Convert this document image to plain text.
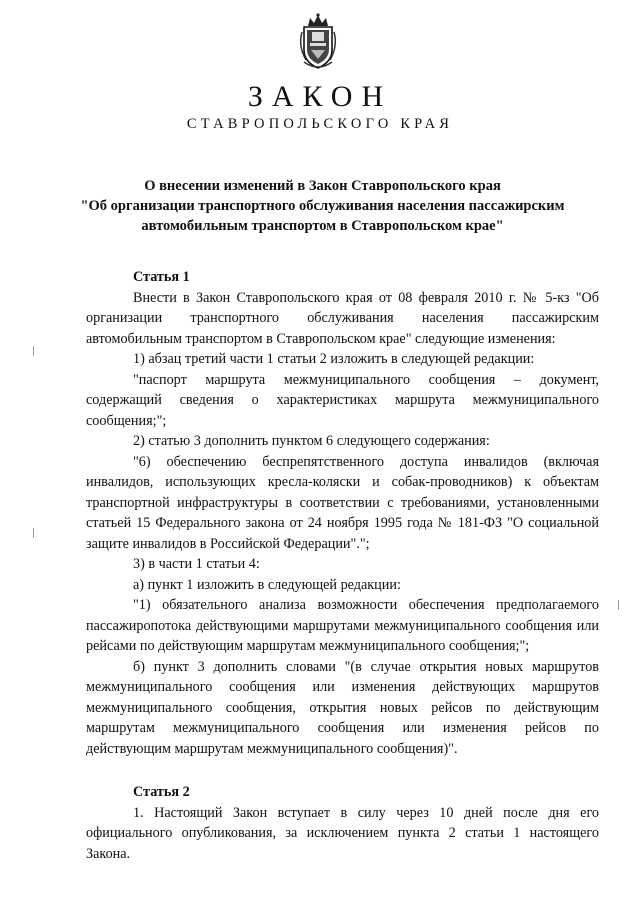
ЗАКОН
СТАВРОПОЛЬСКОГО КРАЯ
О внесении изменений в Закон Ставропольского края
"Об организации транспортного обслуживания населения пассажирским
автомобильным транспортом в Ставропольском крае"

Статья 1

Внести в Закон Ставропольского края от 08 февраля 2010 г. № 5-кз "Об организации транспортного обслуживания населения пассажирским автомобильным транспортом в Ставропольском крае" следующие изменения:

1) абзац третий части 1 статьи 2 изложить в следующей редакции:

"паспорт маршрута межмуниципального сообщения – документ, содержащий сведения о характеристиках маршрута межмуниципального сообщения;";

2) статью 3 дополнить пунктом 6 следующего содержания:

"6) обеспечению беспрепятственного доступа инвалидов (включая инвалидов, использующих кресла-коляски и собак-проводников) к объектам транспортной инфраструктуры в соответствии с требованиями, установленными статьей 15 Федерального закона от 24 ноября 1995 года № 181-ФЗ "О социальной защите инвалидов в Российской Федерации".";

3) в части 1 статьи 4:

а) пункт 1 изложить в следующей редакции:

"1) обязательного анализа возможности обеспечения предполагаемого пассажиропотока действующими маршрутами межмуниципального сообщения или рейсами по действующим маршрутам межмуниципального сообщения;";

б) пункт 3 дополнить словами "(в случае открытия новых маршрутов межмуниципального сообщения или изменения действующих маршрутов межмуниципального сообщения, открытия новых рейсов по действующим маршрутам межмуниципального сообщения или изменения рейсов по действующим маршрутам межмуниципального сообщения)".

Статья 2

1. Настоящий Закон вступает в силу через 10 дней после дня его официального опубликования, за исключением пункта 2 статьи 1 настоящего Закона.
